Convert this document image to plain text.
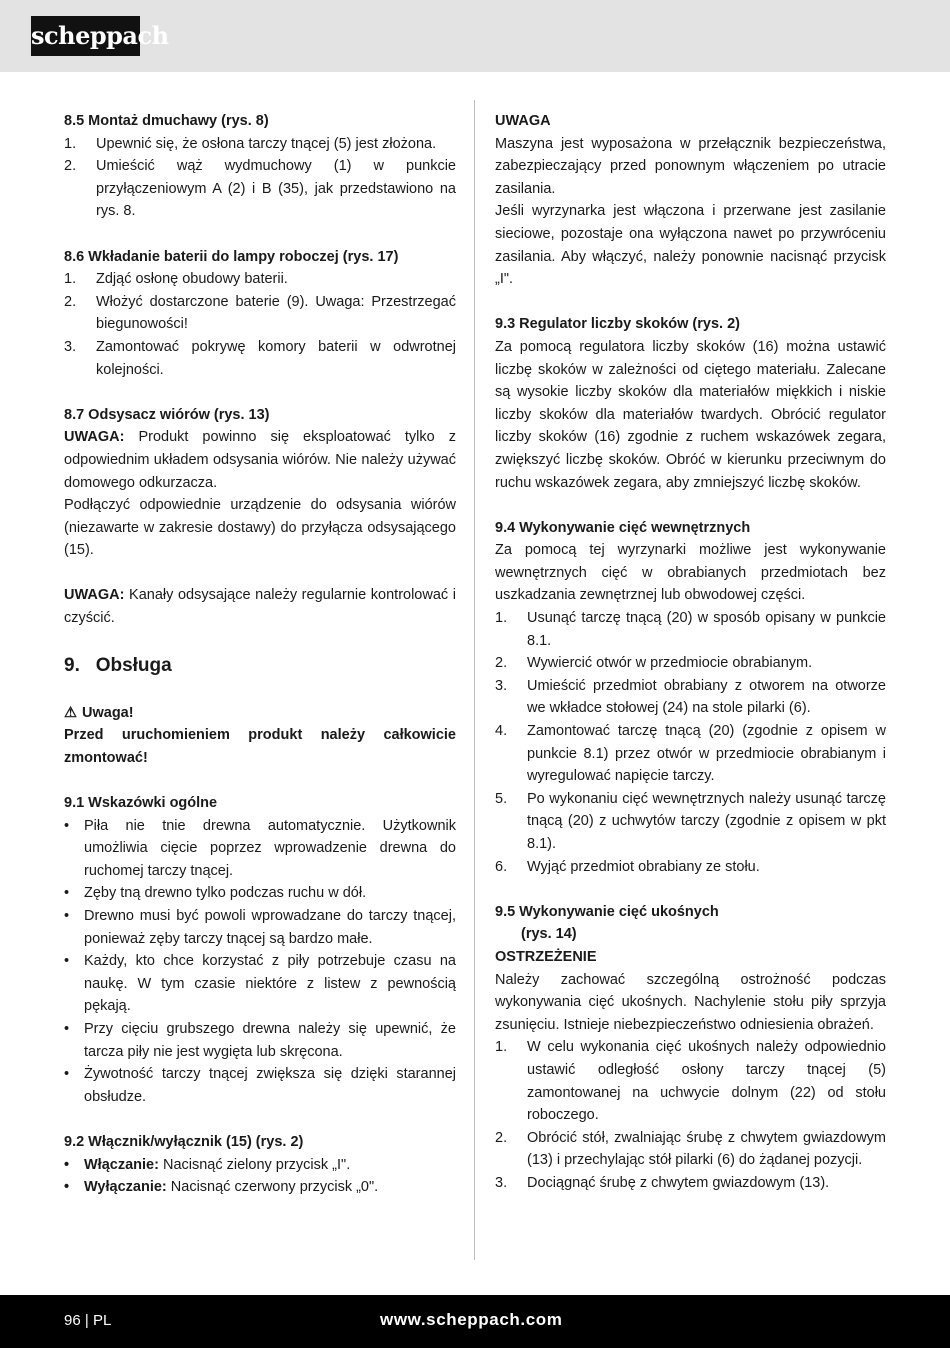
scheppach

8.5 Montaż dmuchawy (rys. 8)

1. Upewnić się, że osłona tarczy tnącej (5) jest złożona.
2. Umieścić wąż wydmuchowy (1) w punkcie przyłączeniowym A (2) i B (35), jak przedstawiono na rys. 8.

8.6 Wkładanie baterii do lampy roboczej (rys. 17)

1. Zdjąć osłonę obudowy baterii.
2. Włożyć dostarczone baterie (9). Uwaga: Przestrzegać biegunowości!
3. Zamontować pokrywę komory baterii w odwrotnej kolejności.

8.7 Odsysacz wiórów (rys. 13)

UWAGA: Produkt powinno się eksploatować tylko z odpowiednim układem odsysania wiórów. Nie należy używać domowego odkurzacza.

Podłączyć odpowiednie urządzenie do odsysania wiórów (niezawarte w zakresie dostawy) do przyłącza odsysającego (15).

UWAGA: Kanały odsysające należy regularnie kontrolować i czyścić.

9. Obsługa

⚠ Uwaga!

Przed uruchomieniem produkt należy całkowicie zmontować!

9.1 Wskazówki ogólne

• Piła nie tnie drewna automatycznie. Użytkownik umożliwia cięcie poprzez wprowadzenie drewna do ruchomej tarczy tnącej.
• Zęby tną drewno tylko podczas ruchu w dół.
• Drewno musi być powoli wprowadzane do tarczy tnącej, ponieważ zęby tarczy tnącej są bardzo małe.
• Każdy, kto chce korzystać z piły potrzebuje czasu na naukę. W tym czasie niektóre z listew z pewnością pękają.
• Przy cięciu grubszego drewna należy się upewnić, że tarcza piły nie jest wygięta lub skręcona.
• Żywotność tarczy tnącej zwiększa się dzięki starannej obsłudze.

9.2 Włącznik/wyłącznik (15) (rys. 2)

• Włączanie: Nacisnąć zielony przycisk „I".
• Wyłączanie: Nacisnąć czerwony przycisk „0".

UWAGA

Maszyna jest wyposażona w przełącznik bezpieczeństwa, zabezpieczający przed ponownym włączeniem po utracie zasilania.

Jeśli wyrzynarka jest włączona i przerwane jest zasilanie sieciowe, pozostaje ona wyłączona nawet po przywróceniu zasilania. Aby włączyć, należy ponownie nacisnąć przycisk „I".

9.3 Regulator liczby skoków (rys. 2)

Za pomocą regulatora liczby skoków (16) można ustawić liczbę skoków w zależności od ciętego materiału. Zalecane są wysokie liczby skoków dla materiałów miękkich i niskie liczby skoków dla materiałów twardych. Obrócić regulator liczby skoków (16) zgodnie z ruchem wskazówek zegara, zwiększyć liczbę skoków. Obróć w kierunku przeciwnym do ruchu wskazówek zegara, aby zmniejszyć liczbę skoków.

9.4 Wykonywanie cięć wewnętrznych

Za pomocą tej wyrzynarki możliwe jest wykonywanie wewnętrznych cięć w obrabianych przedmiotach bez uszkadzania zewnętrznej lub obwodowej części.

1. Usunąć tarczę tnącą (20) w sposób opisany w punkcie 8.1.
2. Wywiercić otwór w przedmiocie obrabianym.
3. Umieścić przedmiot obrabiany z otworem na otworze we wkładce stołowej (24) na stole pilarki (6).
4. Zamontować tarczę tnącą (20) (zgodnie z opisem w punkcie 8.1) przez otwór w przedmiocie obrabianym i wyregulować napięcie tarczy.
5. Po wykonaniu cięć wewnętrznych należy usunąć tarczę tnącą (20) z uchwytów tarczy (zgodnie z opisem w pkt 8.1).
6. Wyjąć przedmiot obrabiany ze stołu.

9.5 Wykonywanie cięć ukośnych

(rys. 14)

OSTRZEŻENIE

Należy zachować szczególną ostrożność podczas wykonywania cięć ukośnych. Nachylenie stołu piły sprzyja zsunięciu. Istnieje niebezpieczeństwo odniesienia obrażeń.

1. W celu wykonania cięć ukośnych należy odpowiednio ustawić odległość osłony tarczy tnącej (5) zamontowanej na uchwycie dolnym (22) od stołu roboczego.
2. Obrócić stół, zwalniając śrubę z chwytem gwiazdowym (13) i przechylając stół pilarki (6) do żądanej pozycji.
3. Dociągnąć śrubę z chwytem gwiazdowym (13).
96 | PL	www.scheppach.com
